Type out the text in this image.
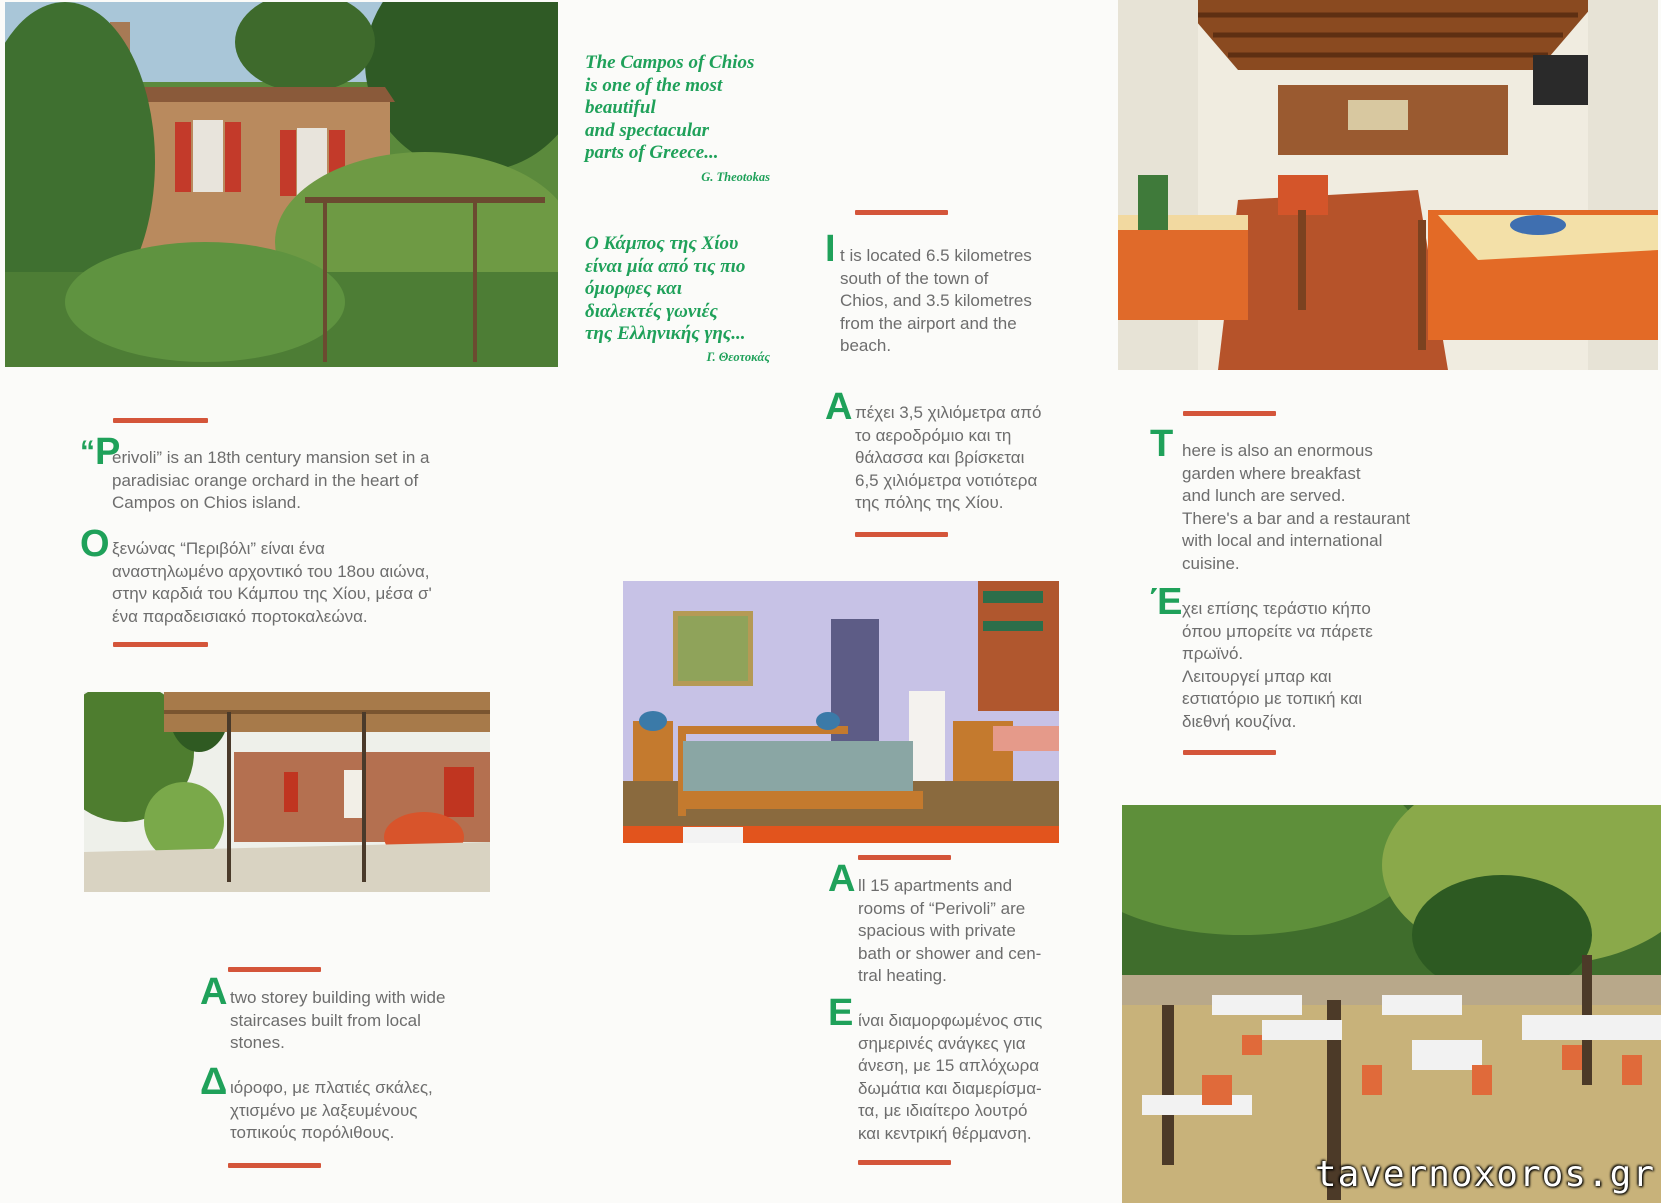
The Campos of Chios
is one of the most
beautiful
and spectacular
parts of Greece...
G. Theotokas
Ο Κάμπος της Χίου
είναι μία από τις πιο
όμορφες και
διαλεκτές γωνιές
της Ελληνικής γης...
Γ. Θεοτοκάς
I t is located 6.5 kilometres
south of the town of
Chios, and 3.5 kilometres
from the airport and the
beach.
A πέχει 3,5 χιλιόμετρα από
το αεροδρόμιο και τη
θάλασσα και βρίσκεται
6,5 χιλιόμετρα νοτιότερα
της πόλης της Χίου.
“P
erivoli” is an 18th century mansion set in a
paradisiac orange orchard in the heart of
Campos on Chios island.
O ξενώνας “Περιβόλι” είναι ένα
αναστηλωμένο αρχοντικό του 18ου αιώνα,
στην καρδιά του Κάμπου της Χίου, μέσα σ'
ένα παραδεισιακό πορτοκαλεώνα.
T here is also an enormous
garden where breakfast
and lunch are served.
There's a bar and a restaurant
with local and international
cuisine.
Έ χει επίσης τεράστιο κήπο
όπου μπορείτε να πάρετε
πρωϊνό.
Λειτουργεί μπαρ και
εστιατόριο με τοπική και
διεθνή κουζίνα.
A ll 15 apartments and
rooms of “Perivoli” are
spacious with private
bath or shower and cen-
tral heating.
E ίναι διαμορφωμένος στις
σημερινές ανάγκες για
άνεση, με 15 απλόχωρα
δωμάτια και διαμερίσμα-
τα, με ιδιαίτερο λουτρό
και κεντρική θέρμανση.
A two storey building with wide
staircases built from local
stones.
Δ ιόροφο, με πλατιές σκάλες,
χτισμένο με λαξευμένους
τοπικούς πορόλιθους.
tavernoxoros.gr
